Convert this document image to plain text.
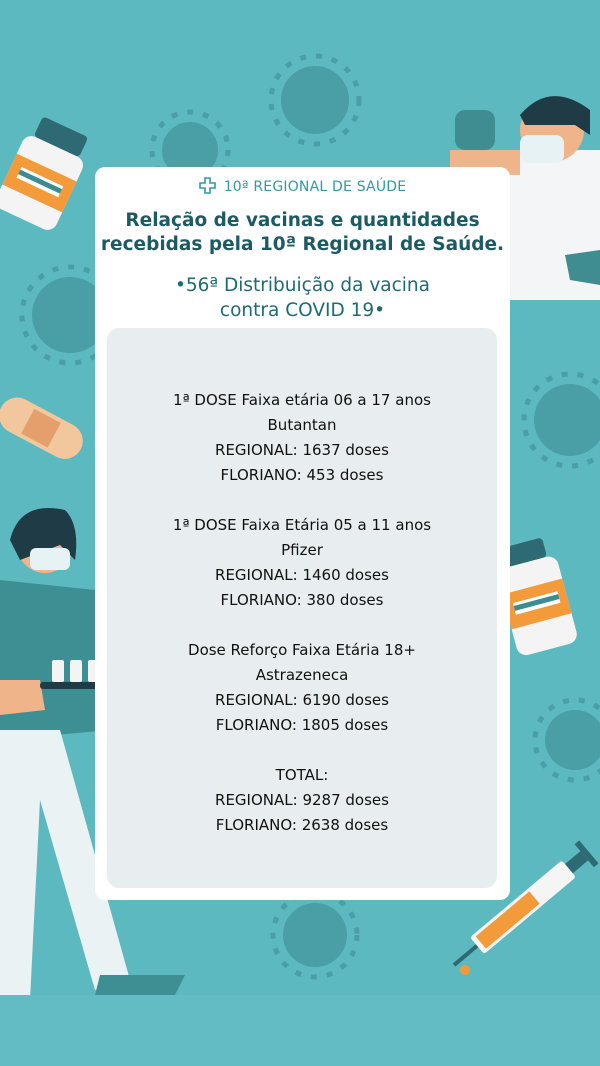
10ª REGIONAL DE SAÚDE
Relação de vacinas e quantidades
recebidas pela 10ª Regional de Saúde.
•56ª Distribuição da vacina
contra COVID 19•

1ª DOSE Faixa etária 06 a 17 anos

Butantan

REGIONAL: 1637 doses

FLORIANO: 453 doses

1ª DOSE Faixa Etária 05 a 11 anos

Pfizer

REGIONAL: 1460 doses

FLORIANO: 380 doses

Dose Reforço Faixa Etária 18+

Astrazeneca

REGIONAL: 6190 doses

FLORIANO: 1805 doses

TOTAL:

REGIONAL: 9287 doses

FLORIANO: 2638 doses
